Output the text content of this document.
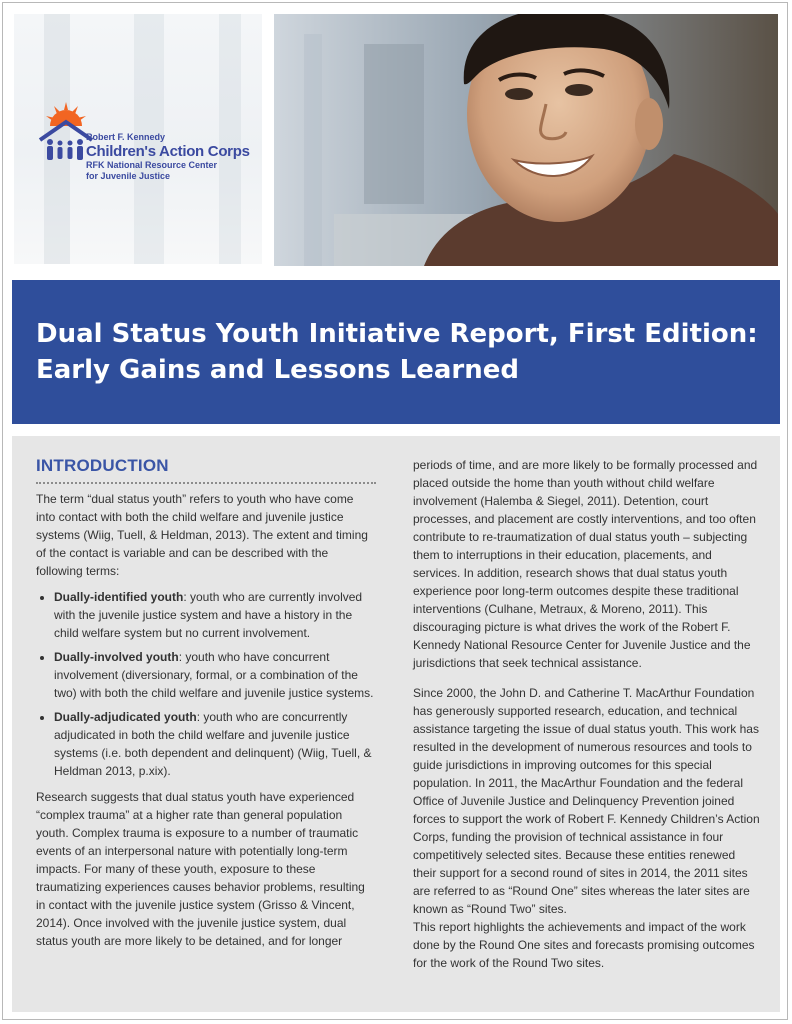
Robert F. Kennedy
Children's Action Corps
RFK National Resource Center
for Juvenile Justice
Dual Status Youth Initiative Report, First Edition:
Early Gains and Lessons Learned
INTRODUCTION

The term “dual status youth” refers to youth who have come into contact with both the child welfare and juvenile justice systems (Wiig, Tuell, & Heldman, 2013). The extent and timing of the contact is variable and can be described with the following terms:

• Dually-identified youth: youth who are currently involved with the juvenile justice system and have a history in the child welfare system but no current involvement.
• Dually-involved youth: youth who have concurrent involvement (diversionary, formal, or a combination of the two) with both the child welfare and juvenile justice systems.
• Dually-adjudicated youth: youth who are concurrently adjudicated in both the child welfare and juvenile justice systems (i.e. both dependent and delinquent) (Wiig, Tuell, & Heldman 2013, p.xix).

Research suggests that dual status youth have experienced “complex trauma” at a higher rate than general population youth. Complex trauma is exposure to a number of traumatic events of an interpersonal nature with potentially long-term impacts. For many of these youth, exposure to these traumatizing experiences causes behavior problems, resulting in contact with the juvenile justice system (Grisso & Vincent, 2014). Once involved with the juvenile justice system, dual status youth are more likely to be detained, and for longer

periods of time, and are more likely to be formally processed and placed outside the home than youth without child welfare involvement (Halemba & Siegel, 2011). Detention, court processes, and placement are costly interventions, and too often contribute to re-traumatization of dual status youth – subjecting them to interruptions in their education, placements, and services. In addition, research shows that dual status youth experience poor long-term outcomes despite these traditional interventions (Culhane, Metraux, & Moreno, 2011). This discouraging picture is what drives the work of the Robert F. Kennedy National Resource Center for Juvenile Justice and the jurisdictions that seek technical assistance.

Since 2000, the John D. and Catherine T. MacArthur Foundation has generously supported research, education, and technical assistance targeting the issue of dual status youth. This work has resulted in the development of numerous resources and tools to guide jurisdictions in improving outcomes for this special population. In 2011, the MacArthur Foundation and the federal Office of Juvenile Justice and Delinquency Prevention joined forces to support the work of Robert F. Kennedy Children’s Action Corps, funding the provision of technical assistance in four competitively selected sites. Because these entities renewed their support for a second round of sites in 2014, the 2011 sites are referred to as “Round One” sites whereas the later sites are known as “Round Two” sites.

This report highlights the achievements and impact of the work done by the Round One sites and forecasts promising outcomes for the work of the Round Two sites.
